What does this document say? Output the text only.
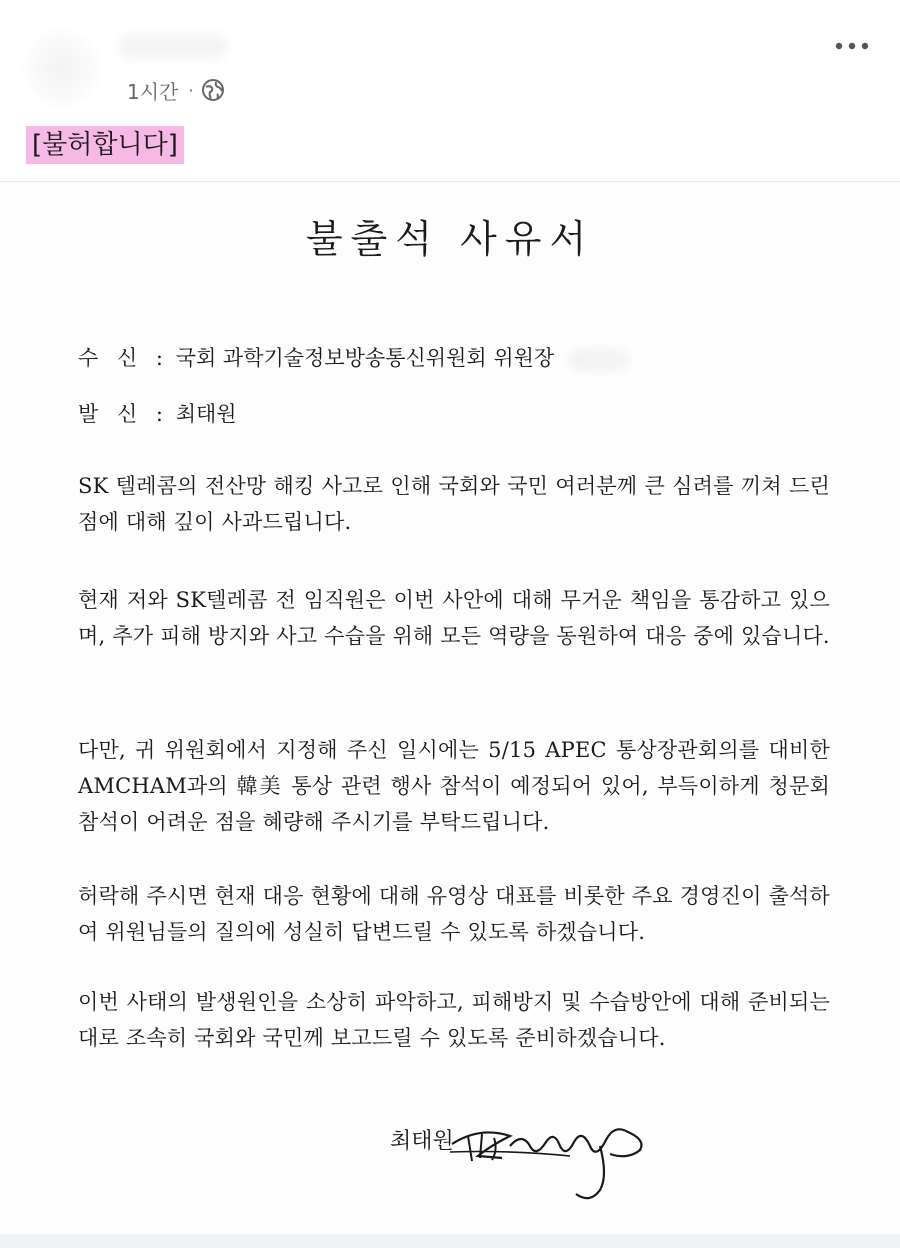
1시간 ·
[불허합니다]
불출석 사유서
수 신 : 국회 과학기술정보방송통신위원회 위원장
발 신 : 최태원
SK 텔레콤의 전산망 해킹 사고로 인해 국회와 국민 여러분께 큰 심려를 끼쳐 드린 점에 대해 깊이 사과드립니다.
현재 저와 SK텔레콤 전 임직원은 이번 사안에 대해 무거운 책임을 통감하고 있으며, 추가 피해 방지와 사고 수습을 위해 모든 역량을 동원하여 대응 중에 있습니다.
다만, 귀 위원회에서 지정해 주신 일시에는 5/15 APEC 통상장관회의를 대비한 AMCHAM과의 韓美 통상 관련 행사 참석이 예정되어 있어, 부득이하게 청문회 참석이 어려운 점을 혜량해 주시기를 부탁드립니다.
허락해 주시면 현재 대응 현황에 대해 유영상 대표를 비롯한 주요 경영진이 출석하여 위원님들의 질의에 성실히 답변드릴 수 있도록 하겠습니다.
이번 사태의 발생원인을 소상히 파악하고, 피해방지 및 수습방안에 대해 준비되는 대로 조속히 국회와 국민께 보고드릴 수 있도록 준비하겠습니다.
최태원
